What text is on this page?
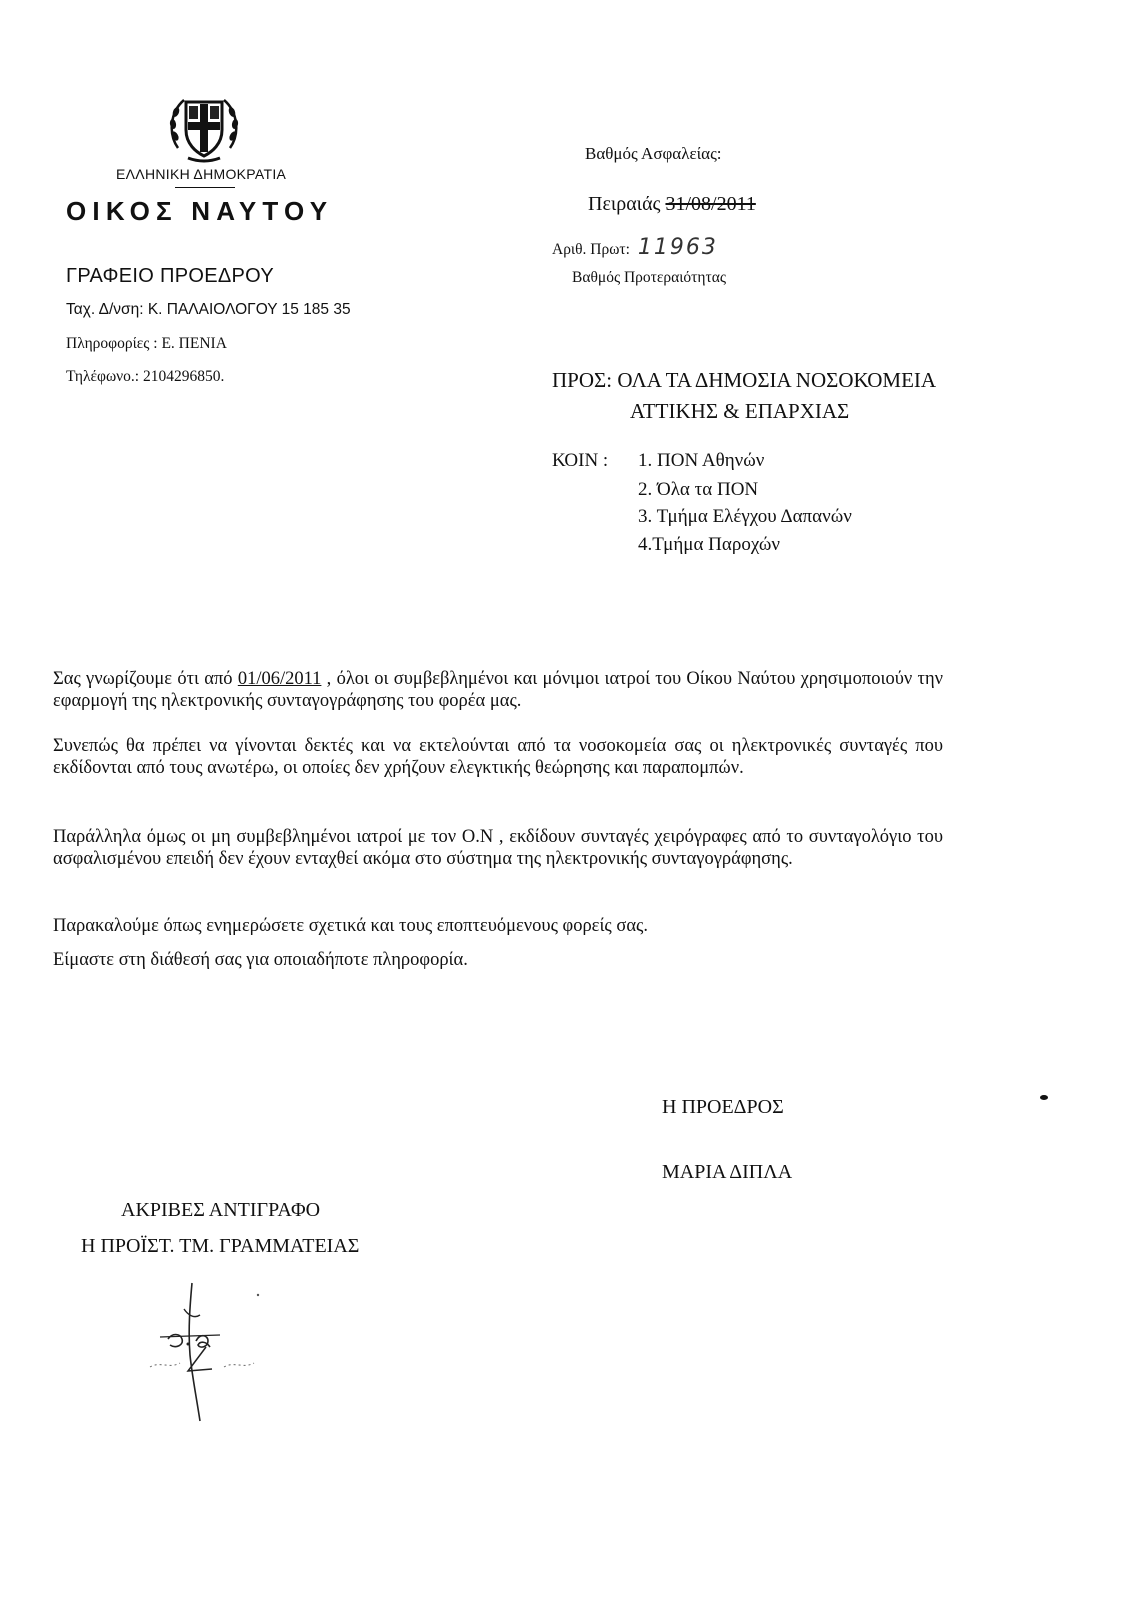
ΕΛΛΗΝΙΚΗ ΔΗΜΟΚΡΑΤΙΑ
ΟΙΚΟΣ ΝΑΥΤΟΥ
ΓΡΑΦΕΙΟ ΠΡΟΕΔΡΟΥ
Ταχ. Δ/νση: Κ. ΠΑΛΑΙΟΛΟΓΟΥ 15 185 35
Πληροφορίες : Ε. ΠΕΝΙΑ
Τηλέφωνο.: 2104296850.
Βαθμός Ασφαλείας:
Πειραιάς 31/08/2011
Αριθ. Πρωτ: 11963
Βαθμός Προτεραιότητας
ΠΡΟΣ: ΟΛΑ ΤΑ ΔΗΜΟΣΙΑ ΝΟΣΟΚΟΜΕΙΑ
ΑΤΤΙΚΗΣ & ΕΠΑΡΧΙΑΣ
ΚΟΙΝ : 1. ΠΟΝ Αθηνών
2. Όλα τα ΠΟΝ
3. Τμήμα Ελέγχου Δαπανών
4.Τμήμα Παροχών
Σας γνωρίζουμε ότι από 01/06/2011 , όλοι οι συμβεβλημένοι και μόνιμοι ιατροί του Οίκου Ναύτου χρησιμοποιούν την εφαρμογή της ηλεκτρονικής συνταγογράφησης του φορέα μας.
Συνεπώς θα πρέπει να γίνονται δεκτές και να εκτελούνται από τα νοσοκομεία σας οι ηλεκτρονικές συνταγές που εκδίδονται από τους ανωτέρω, οι οποίες δεν χρήζουν ελεγκτικής θεώρησης και παραπομπών.
Παράλληλα όμως οι μη συμβεβλημένοι ιατροί με τον Ο.Ν , εκδίδουν συνταγές χειρόγραφες από το συνταγολόγιο του ασφαλισμένου επειδή δεν έχουν ενταχθεί ακόμα στο σύστημα της ηλεκτρονικής συνταγογράφησης.
Παρακαλούμε όπως ενημερώσετε σχετικά και τους εποπτευόμενους φορείς σας.
Είμαστε στη διάθεσή σας για οποιαδήποτε πληροφορία.
Η ΠΡΟΕΔΡΟΣ
ΜΑΡΙΑ ΔΙΠΛΑ
ΑΚΡΙΒΕΣ ΑΝΤΙΓΡΑΦΟ
Η ΠΡΟΪΣΤ. ΤΜ. ΓΡΑΜΜΑΤΕΙΑΣ
